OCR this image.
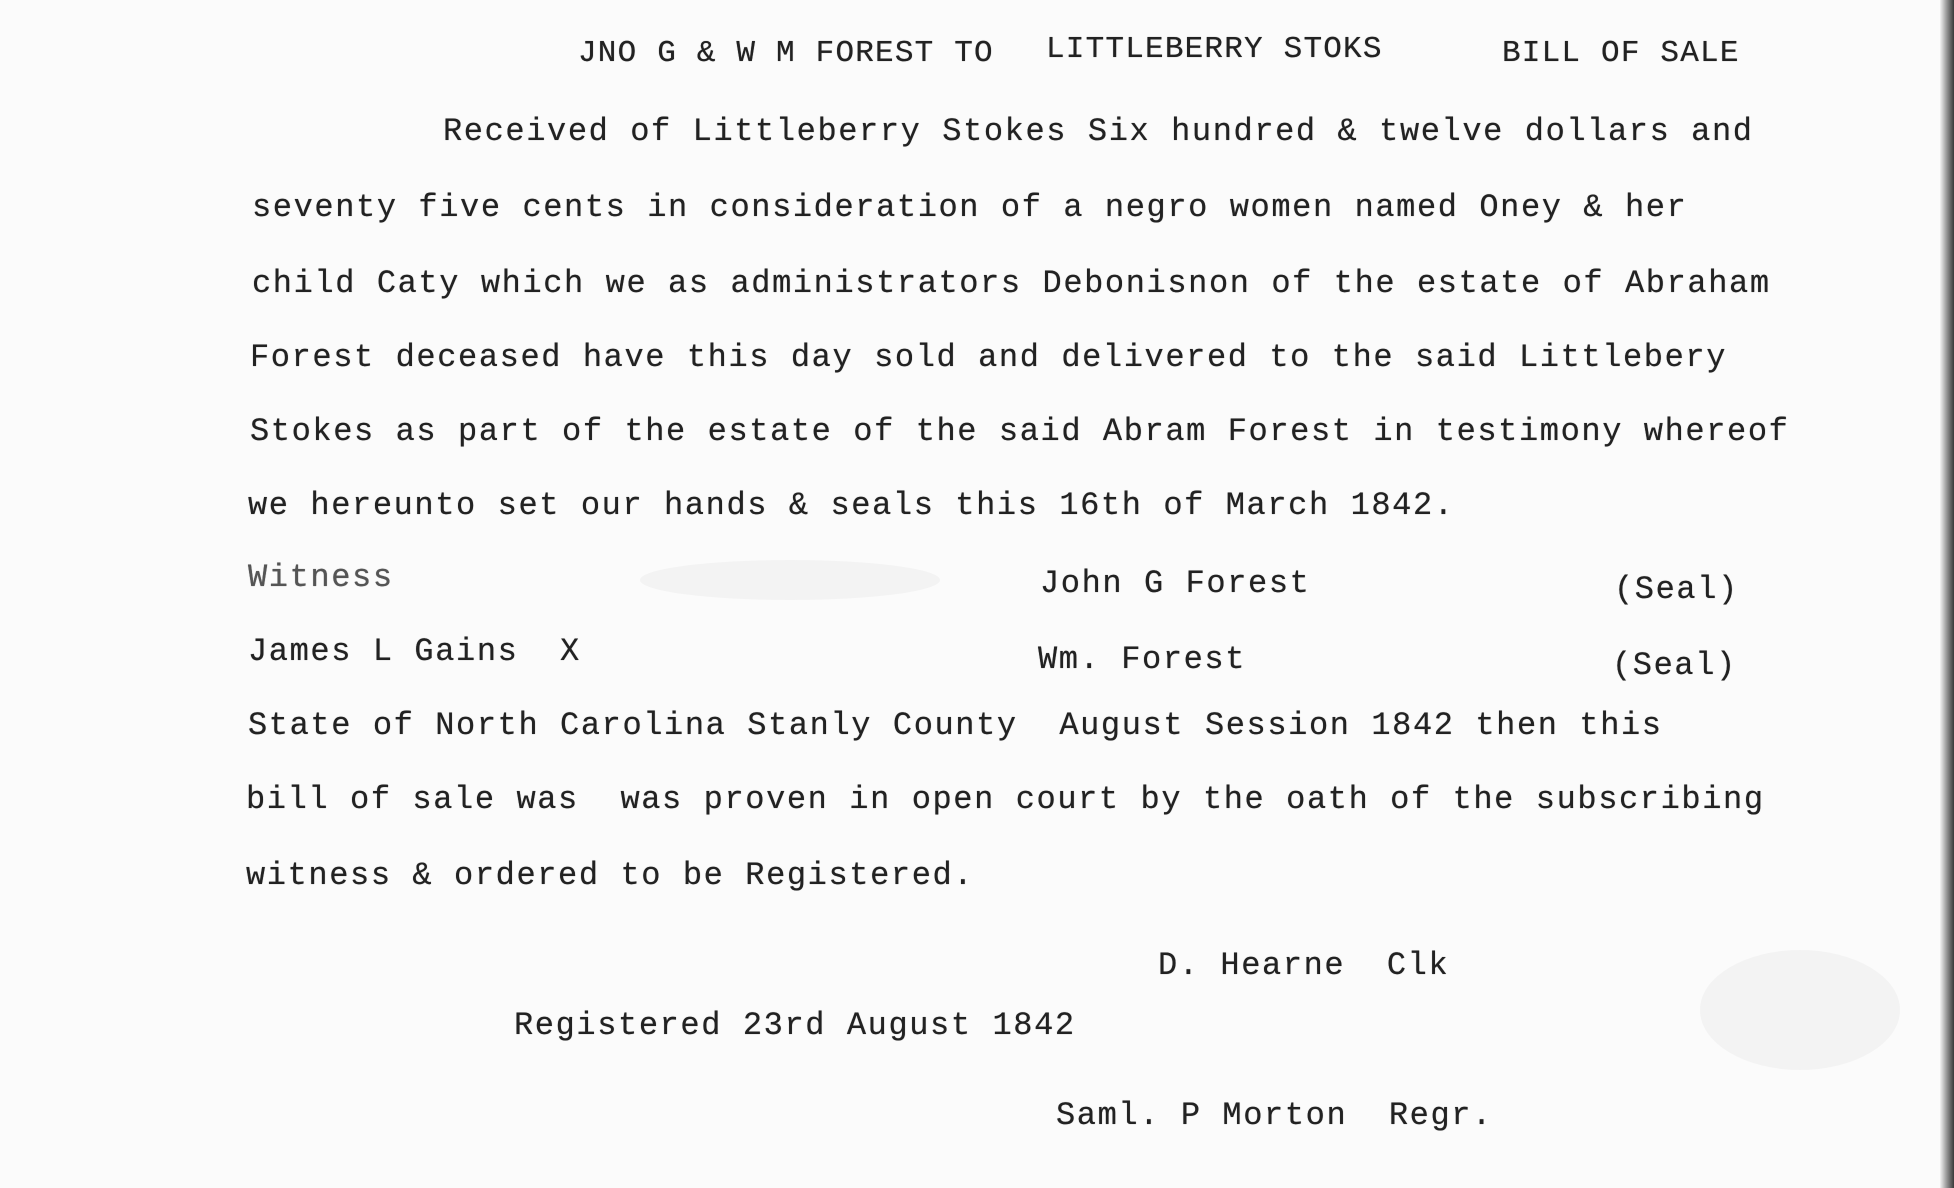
JNO G & W M FOREST TO LITTLEBERRY STOKS	BILL OF SALE
Received of Littleberry Stokes Six hundred & twelve dollars and
seventy five cents in consideration of a negro women named Oney & her
child Caty which we as administrators Debonisnon of the estate of Abraham
Forest deceased have this day sold and delivered to the said Littlebery
Stokes as part of the estate of the said Abram Forest in testimony whereof
we hereunto set our hands & seals this 16th of March 1842.
Witness	John G Forest	(Seal)
James L Gains  X	Wm. Forest	(Seal)
State of North Carolina Stanly County  August Session 1842 then this
bill of sale was  was proven in open court by the oath of the subscribing
witness & ordered to be Registered.
D. Hearne  Clk
Registered 23rd August 1842
Saml. P Morton  Regr.
